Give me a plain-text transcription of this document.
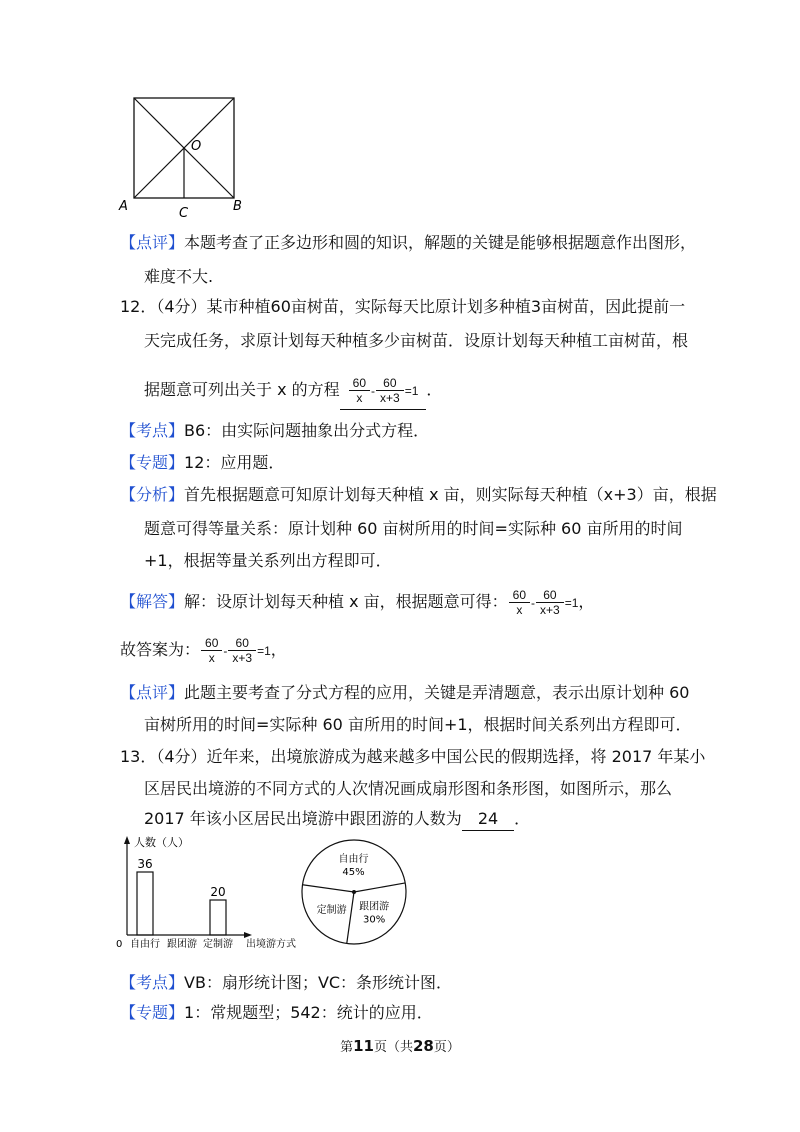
O
A	C	B
【点评】本题考查了正多边形和圆的知识，解题的关键是能够根据题意作出图形，
难度不大.
12．（4分）某市种植60亩树苗，实际每天比原计划多种植3亩树苗，因此提前一
天完成任务，求原计划每天种植多少亩树苗．设原计划每天种植工亩树苗，根
据题意可列出关于 x 的方程 $\frac{60}{x} - \frac{60}{x+3} =1$ ．
【考点】B6：由实际问题抽象出分式方程．
【专题】12：应用题．
【分析】首先根据题意可知原计划每天种植 x 亩，则实际每天种植（x+3）亩，根据
题意可得等量关系：原计划种 60 亩树所用的时间=实际种 60 亩所用的时间
+1，根据等量关系列出方程即可．
【解答】解：设原计划每天种植 x 亩，根据题意可得： $\frac{60}{x} - \frac{60}{x+3} =1$，
故答案为： $\frac{60}{x} - \frac{60}{x+3} =1$，
【点评】此题主要考查了分式方程的应用，关键是弄清题意，表示出原计划种 60
亩树所用的时间=实际种 60 亩所用的时间+1，根据时间关系列出方程即可．
13．（4分）近年来，出境旅游成为越来越多中国公民的假期选择，将 2017 年某小
区居民出境游的不同方式的人次情况画成扇形图和条形图，如图所示，那么
2017 年该小区居民出境游中跟团游的人数为 24 ．
人数（人）
0	出境游方式
36
自由行 跟团游
20
定制游
自由行
45%
跟团游
30%
定制游
【考点】VB：扇形统计图；VC：条形统计图．
【专题】1：常规题型；542：统计的应用．
第11页（共28页）
